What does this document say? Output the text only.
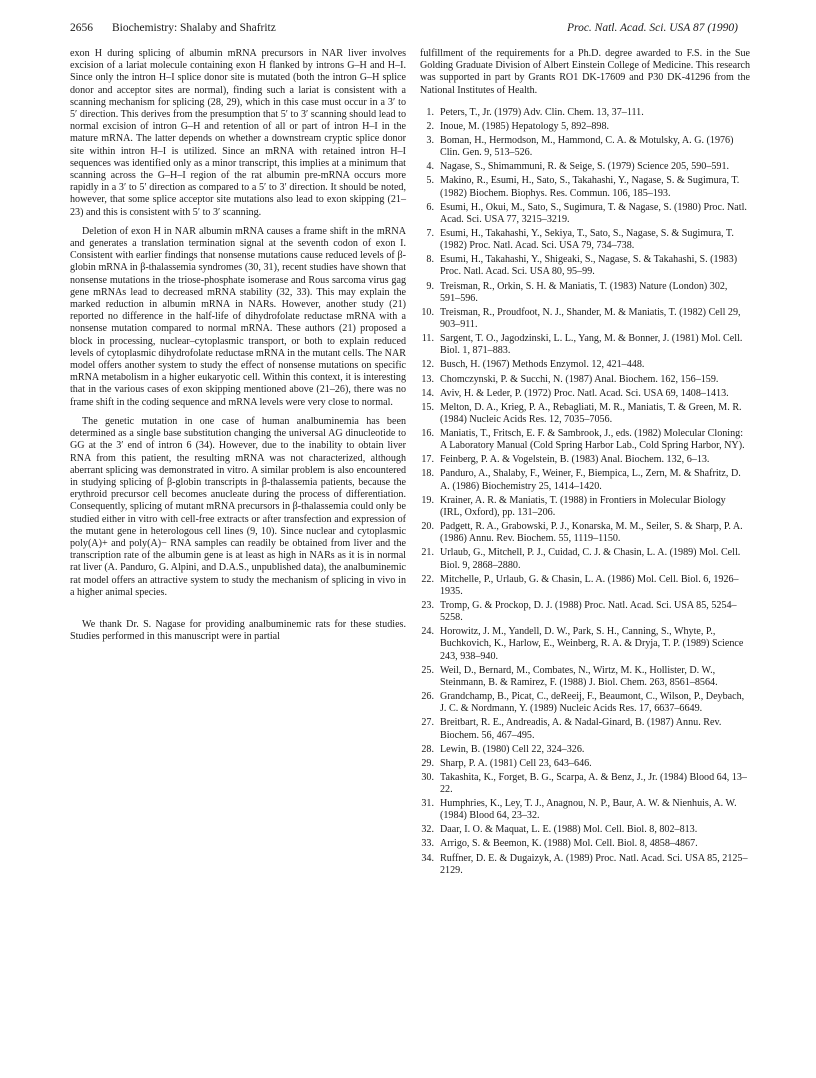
2656 Biochemistry: Shalaby and Shafritz	Proc. Natl. Acad. Sci. USA 87 (1990)

exon H during splicing of albumin mRNA precursors in NAR liver involves excision of a lariat molecule containing exon H flanked by introns G–H and H–I. Since only the intron H–I splice donor site is mutated (both the intron G–H splice donor and acceptor sites are normal), finding such a lariat is consistent with a scanning mechanism for splicing (28, 29), which in this case must occur in a 3′ to 5′ direction. This derives from the presumption that 5′ to 3′ scanning should lead to normal excision of intron G–H and retention of all or part of intron H–I in the mature mRNA. The latter depends on whether a downstream cryptic splice donor site within intron H–I is utilized. Since an mRNA with retained intron H–I sequences was identified only as a minor transcript, this implies at a minimum that scanning across the G–H–I region of the rat albumin pre-mRNA occurs more rapidly in a 3′ to 5′ direction as compared to a 5′ to 3′ direction. It should be noted, however, that some splice acceptor site mutations also lead to exon skipping (21–23) and this is consistent with 5′ to 3′ scanning.

Deletion of exon H in NAR albumin mRNA causes a frame shift in the mRNA and generates a translation termination signal at the seventh codon of exon I. Consistent with earlier findings that nonsense mutations cause reduced levels of β-globin mRNA in β-thalassemia syndromes (30, 31), recent studies have shown that nonsense mutations in the triose-phosphate isomerase and Rous sarcoma virus gag gene mRNAs lead to decreased mRNA stability (32, 33). This may explain the marked reduction in albumin mRNA in NARs. However, another study (21) reported no difference in the half-life of dihydrofolate reductase mRNA with a nonsense mutation compared to normal mRNA. These authors (21) proposed a block in processing, nuclear–cytoplasmic transport, or both to explain reduced levels of cytoplasmic dihydrofolate reductase mRNA in the mutant cells. The NAR model offers another system to study the effect of nonsense mutations on specific mRNA metabolism in a higher eukaryotic cell. Within this context, it is interesting that in the various cases of exon skipping mentioned above (21–26), there was no frame shift in the coding sequence and mRNA levels were very close to normal.

The genetic mutation in one case of human analbuminemia has been determined as a single base substitution changing the universal AG dinucleotide to GG at the 3′ end of intron 6 (34). However, due to the inability to obtain liver RNA from this patient, the resulting mRNA was not characterized, although aberrant splicing was demonstrated in vitro. A similar problem is also encountered in studying splicing of β-globin transcripts in β-thalassemia patients, because the erythroid precursor cell becomes anucleate during the process of differentiation. Consequently, splicing of mutant mRNA precursors in β-thalassemia could only be studied either in vitro with cell-free extracts or after transfection and expression of the mutant gene in heterologous cell lines (9, 10). Since nuclear and cytoplasmic poly(A)+ and poly(A)− RNA samples can readily be obtained from liver and the transcription rate of the albumin gene is at least as high in NARs as it is in normal rat liver (A. Panduro, G. Alpini, and D.A.S., unpublished data), the analbuminemic rat model offers an attractive system to study the mechanism of splicing in vivo in a higher animal species.

We thank Dr. S. Nagase for providing analbuminemic rats for these studies. Studies performed in this manuscript were in partial

fulfillment of the requirements for a Ph.D. degree awarded to F.S. in the Sue Golding Graduate Division of Albert Einstein College of Medicine. This research was supported in part by Grants RO1 DK-17609 and P30 DK-41296 from the National Institutes of Health.

1. Peters, T., Jr. (1979) Adv. Clin. Chem. 13, 37–111.
2. Inoue, M. (1985) Hepatology 5, 892–898.
3. Boman, H., Hermodson, M., Hammond, C. A. & Motulsky, A. G. (1976) Clin. Gen. 9, 513–526.
4. Nagase, S., Shimammuni, R. & Seige, S. (1979) Science 205, 590–591.
5. Makino, R., Esumi, H., Sato, S., Takahashi, Y., Nagase, S. & Sugimura, T. (1982) Biochem. Biophys. Res. Commun. 106, 185–193.
6. Esumi, H., Okui, M., Sato, S., Sugimura, T. & Nagase, S. (1980) Proc. Natl. Acad. Sci. USA 77, 3215–3219.
7. Esumi, H., Takahashi, Y., Sekiya, T., Sato, S., Nagase, S. & Sugimura, T. (1982) Proc. Natl. Acad. Sci. USA 79, 734–738.
8. Esumi, H., Takahashi, Y., Shigeaki, S., Nagase, S. & Takahashi, S. (1983) Proc. Natl. Acad. Sci. USA 80, 95–99.
9. Treisman, R., Orkin, S. H. & Maniatis, T. (1983) Nature (London) 302, 591–596.
10. Treisman, R., Proudfoot, N. J., Shander, M. & Maniatis, T. (1982) Cell 29, 903–911.
11. Sargent, T. O., Jagodzinski, L. L., Yang, M. & Bonner, J. (1981) Mol. Cell. Biol. 1, 871–883.
12. Busch, H. (1967) Methods Enzymol. 12, 421–448.
13. Chomczynski, P. & Succhi, N. (1987) Anal. Biochem. 162, 156–159.
14. Aviv, H. & Leder, P. (1972) Proc. Natl. Acad. Sci. USA 69, 1408–1413.
15. Melton, D. A., Krieg, P. A., Rebagliati, M. R., Maniatis, T. & Green, M. R. (1984) Nucleic Acids Res. 12, 7035–7056.
16. Maniatis, T., Fritsch, E. F. & Sambrook, J., eds. (1982) Molecular Cloning: A Laboratory Manual (Cold Spring Harbor Lab., Cold Spring Harbor, NY).
17. Feinberg, P. A. & Vogelstein, B. (1983) Anal. Biochem. 132, 6–13.
18. Panduro, A., Shalaby, F., Weiner, F., Biempica, L., Zern, M. & Shafritz, D. A. (1986) Biochemistry 25, 1414–1420.
19. Krainer, A. R. & Maniatis, T. (1988) in Frontiers in Molecular Biology (IRL, Oxford), pp. 131–206.
20. Padgett, R. A., Grabowski, P. J., Konarska, M. M., Seiler, S. & Sharp, P. A. (1986) Annu. Rev. Biochem. 55, 1119–1150.
21. Urlaub, G., Mitchell, P. J., Cuidad, C. J. & Chasin, L. A. (1989) Mol. Cell. Biol. 9, 2868–2880.
22. Mitchelle, P., Urlaub, G. & Chasin, L. A. (1986) Mol. Cell. Biol. 6, 1926–1935.
23. Tromp, G. & Prockop, D. J. (1988) Proc. Natl. Acad. Sci. USA 85, 5254–5258.
24. Horowitz, J. M., Yandell, D. W., Park, S. H., Canning, S., Whyte, P., Buchkovich, K., Harlow, E., Weinberg, R. A. & Dryja, T. P. (1989) Science 243, 938–940.
25. Weil, D., Bernard, M., Combates, N., Wirtz, M. K., Hollister, D. W., Steinmann, B. & Ramirez, F. (1988) J. Biol. Chem. 263, 8561–8564.
26. Grandchamp, B., Picat, C., deReeij, F., Beaumont, C., Wilson, P., Deybach, J. C. & Nordmann, Y. (1989) Nucleic Acids Res. 17, 6637–6649.
27. Breitbart, R. E., Andreadis, A. & Nadal-Ginard, B. (1987) Annu. Rev. Biochem. 56, 467–495.
28. Lewin, B. (1980) Cell 22, 324–326.
29. Sharp, P. A. (1981) Cell 23, 643–646.
30. Takashita, K., Forget, B. G., Scarpa, A. & Benz, J., Jr. (1984) Blood 64, 13–22.
31. Humphries, K., Ley, T. J., Anagnou, N. P., Baur, A. W. & Nienhuis, A. W. (1984) Blood 64, 23–32.
32. Daar, I. O. & Maquat, L. E. (1988) Mol. Cell. Biol. 8, 802–813.
33. Arrigo, S. & Beemon, K. (1988) Mol. Cell. Biol. 8, 4858–4867.
34. Ruffner, D. E. & Dugaizyk, A. (1989) Proc. Natl. Acad. Sci. USA 85, 2125–2129.
